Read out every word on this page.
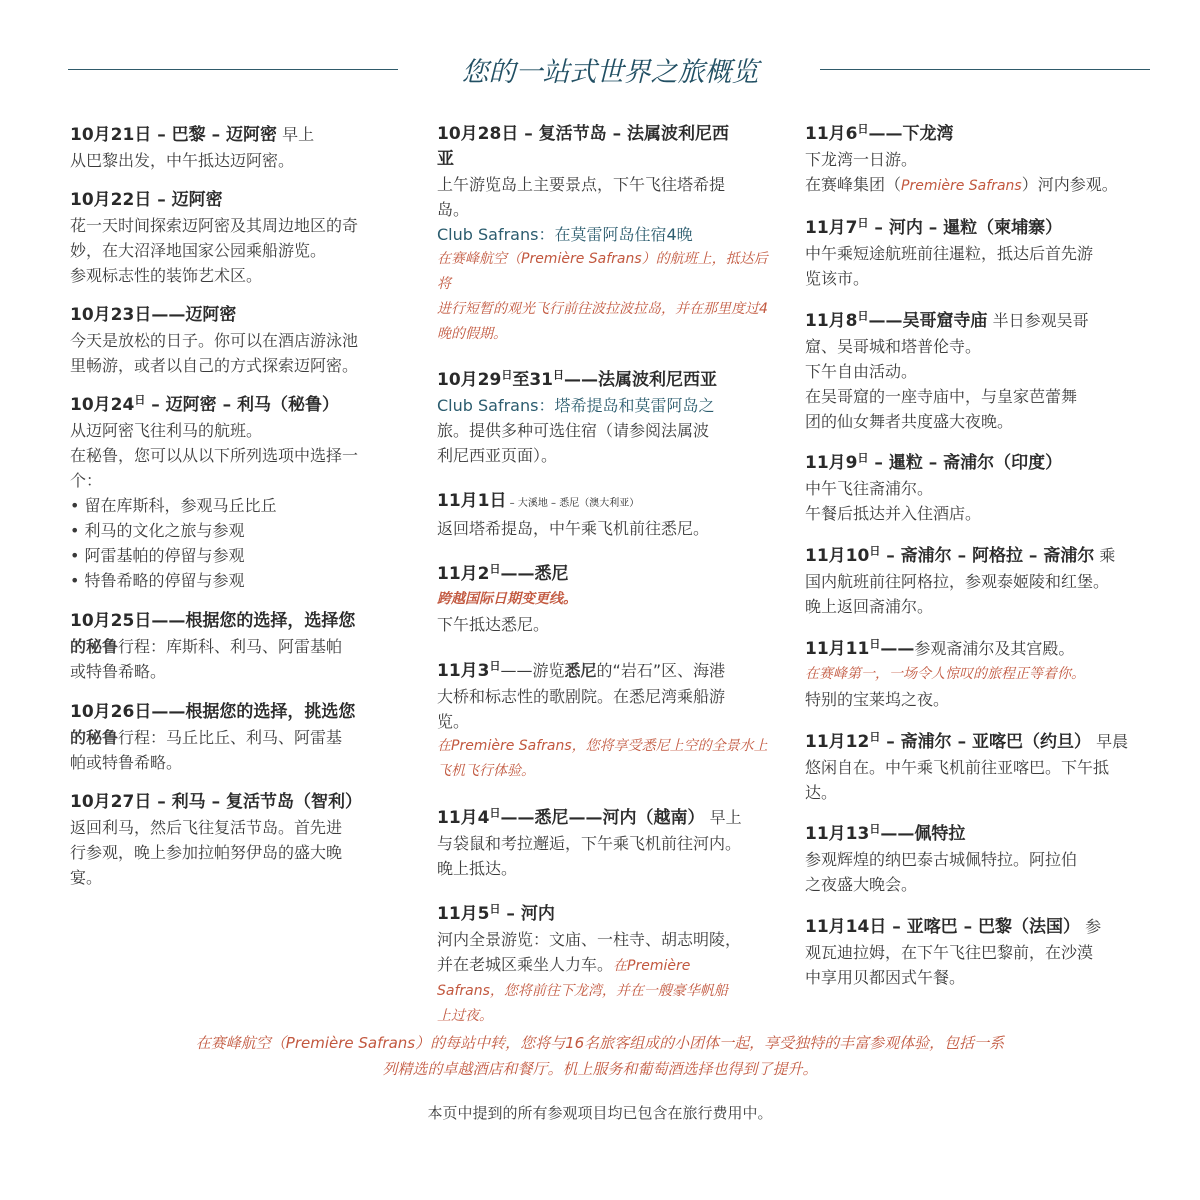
您的一站式世界之旅概览

10月21日 – 巴黎 – 迈阿密 早上

从巴黎出发，中午抵达迈阿密。

10月22日 – 迈阿密

花一天时间探索迈阿密及其周边地区的奇

妙，在大沼泽地国家公园乘船游览。

参观标志性的装饰艺术区。

10月23日——迈阿密

今天是放松的日子。你可以在酒店游泳池

里畅游，或者以自己的方式探索迈阿密。

10月$24^日$ – 迈阿密 – 利马（秘鲁）

从迈阿密飞往利马的航班。

在秘鲁，您可以从以下所列选项中选择一

个：

• 留在库斯科，参观马丘比丘
• 利马的文化之旅与参观
• 阿雷基帕的停留与参观
• 特鲁希略的停留与参观

10月25日——根据您的选择，选择您

的秘鲁行程：库斯科、利马、阿雷基帕

或特鲁希略。

10月26日——根据您的选择，挑选您

的秘鲁行程：马丘比丘、利马、阿雷基

帕或特鲁希略。

10月27日 – 利马 – 复活节岛（智利）

返回利马，然后飞往复活节岛。首先进

行参观，晚上参加拉帕努伊岛的盛大晚

宴。

10月28日 – 复活节岛 – 法属波利尼西

亚

上午游览岛上主要景点，下午飞往塔希提

岛。

Club Safrans：在莫雷阿岛住宿4晚

在赛峰航空（Première Safrans）的航班上，抵达后将

进行短暂的观光飞行前往波拉波拉岛，并在那里度过4

晚的假期。

10月$29^日$至$31^日——$法属波利尼西亚

Club Safrans：塔希提岛和莫雷阿岛之

旅。提供多种可选住宿（请参阅法属波

利尼西亚页面）。

11月1日 – 大溪地 – 悉尼（澳大利亚）

返回塔希提岛，中午乘飞机前往悉尼。

11月$2^日——$悉尼

跨越国际日期变更线。

下午抵达悉尼。

11月$3^日——$游览悉尼的“岩石”区、海港

大桥和标志性的歌剧院。在悉尼湾乘船游

览。

在Première Safrans，您将享受悉尼上空的全景水上

飞机飞行体验。

11月$4^日——$悉尼——河内（越南） 早上

与袋鼠和考拉邂逅，下午乘飞机前往河内。

晚上抵达。

11月$5^日$ – 河内

河内全景游览：文庙、一柱寺、胡志明陵，

并在老城区乘坐人力车。在Première

Safrans，您将前往下龙湾，并在一艘豪华帆船

上过夜。

11月$6^日——$下龙湾

下龙湾一日游。

在赛峰集团（Première Safrans）河内参观。

11月$7^日$ – 河内 – 暹粒（柬埔寨）

中午乘短途航班前往暹粒，抵达后首先游

览该市。

11月$8^日——$吴哥窟寺庙 半日参观吴哥

窟、吴哥城和塔普伦寺。

下午自由活动。

在吴哥窟的一座寺庙中，与皇家芭蕾舞

团的仙女舞者共度盛大夜晚。

11月$9^日$ – 暹粒 – 斋浦尔（印度）

中午飞往斋浦尔。

午餐后抵达并入住酒店。

11月$10^日$ – 斋浦尔 – 阿格拉 – 斋浦尔 乘

国内航班前往阿格拉，参观泰姬陵和红堡。

晚上返回斋浦尔。

11月$11^日——$参观斋浦尔及其宫殿。

在赛峰第一，一场令人惊叹的旅程正等着你。

特别的宝莱坞之夜。

11月$12^日$ – 斋浦尔 – 亚喀巴（约旦） 早晨

悠闲自在。中午乘飞机前往亚喀巴。下午抵

达。

11月$13^日——$佩特拉

参观辉煌的纳巴泰古城佩特拉。阿拉伯

之夜盛大晚会。

11月14日 – 亚喀巴 – 巴黎（法国） 参

观瓦迪拉姆，在下午飞往巴黎前，在沙漠

中享用贝都因式午餐。

在赛峰航空（Première Safrans）的每站中转，您将与16名旅客组成的小团体一起，享受独特的丰富参观体验，包括一系
列精选的卓越酒店和餐厅。机上服务和葡萄酒选择也得到了提升。
本页中提到的所有参观项目均已包含在旅行费用中。
